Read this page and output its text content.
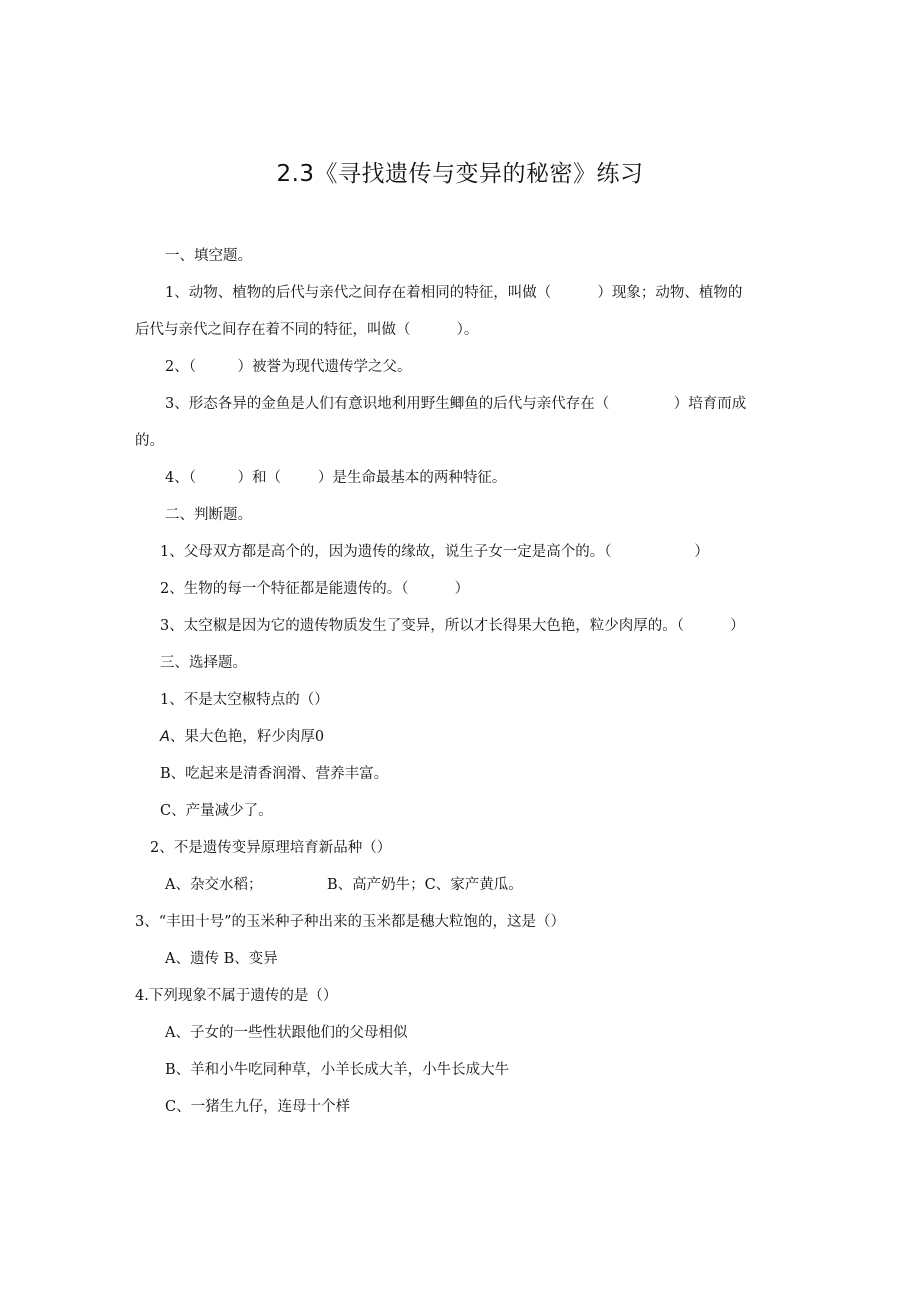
2.3《寻找遗传与变异的秘密》练习
一、填空题。
1、动物、植物的后代与亲代之间存在着相同的特征，叫做（          ）现象；动物、植物的
后代与亲代之间存在着不同的特征，叫做（          ）。
2、（         ）被誉为现代遗传学之父。
3、形态各异的金鱼是人们有意识地利用野生鲫鱼的后代与亲代存在（              ）培育而成
的。
4、（         ）和（        ）是生命最基本的两种特征。
二、判断题。
1、父母双方都是高个的，因为遗传的缘故，说生子女一定是高个的。（                  ）
2、生物的每一个特征都是能遗传的。（          ）
3、太空椒是因为它的遗传物质发生了变异，所以才长得果大色艳，粒少肉厚的。（          ）
三、选择题。
1、不是太空椒特点的（）
A、果大色艳，籽少肉厚0
B、吃起来是清香润滑、营养丰富。
C、产量减少了。
2、不是遗传变异原理培育新品种（）
A、杂交水稻；              B、高产奶牛；C、家产黄瓜。
3、“丰田十号”的玉米种子种出来的玉米都是穗大粒饱的，这是（）
A、遗传 B、变异
4.下列现象不属于遗传的是（）
A、子女的一些性状跟他们的父母相似
B、羊和小牛吃同种草，小羊长成大羊，小牛长成大牛
C、一猪生九仔，连母十个样
